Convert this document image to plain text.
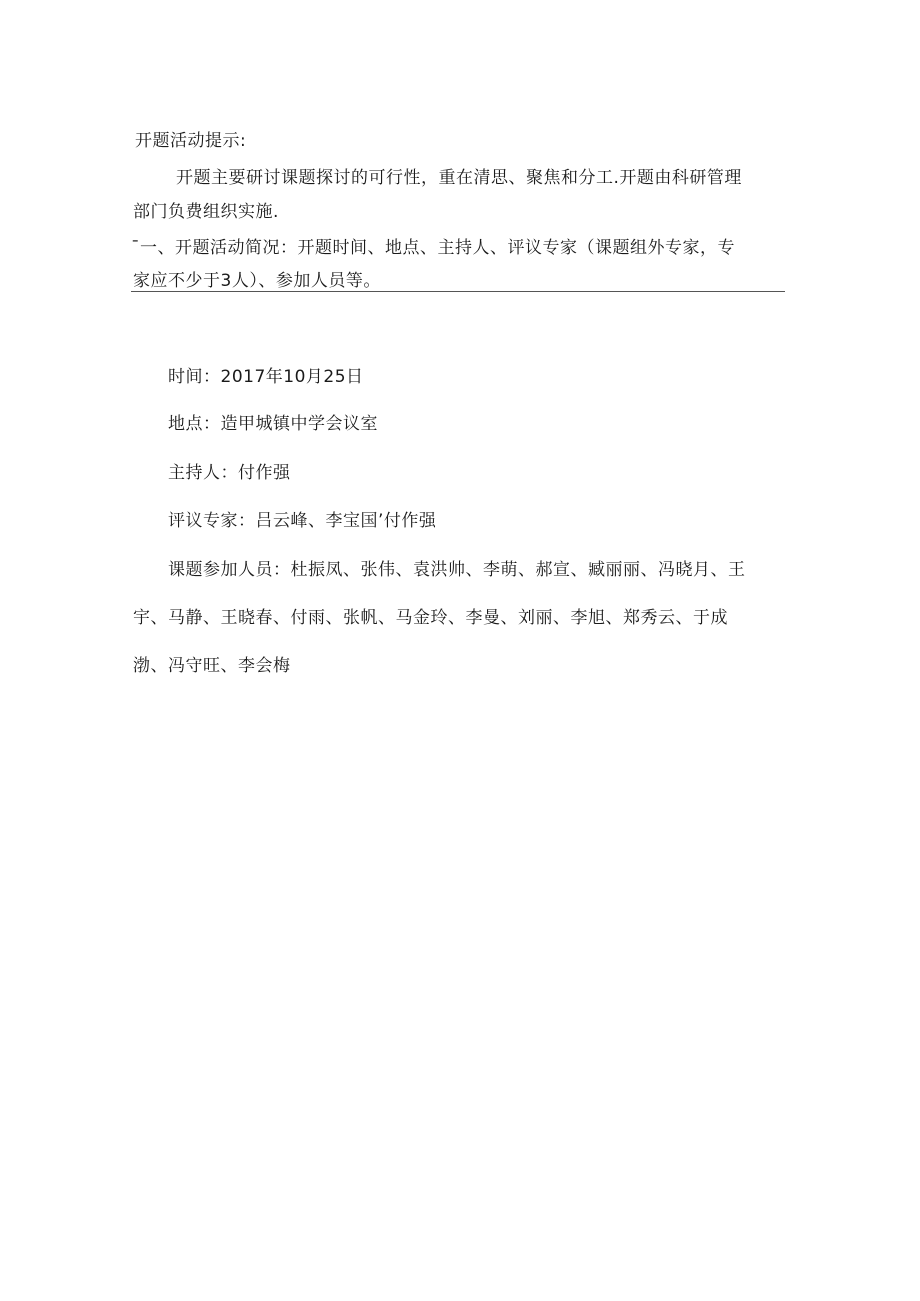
开题活动提示:
开题主要研讨课题探讨的可行性，重在清思、聚焦和分工.开题由科研管理
部门负费组织实施.
¯一、开题活动简况：开题时间、地点、主持人、评议专家（课题组外专家，专
家应不少于3人）、参加人员等。
时间：2017年10月25日
地点：造甲城镇中学会议室
主持人：付作强
评议专家：吕云峰、李宝国’付作强
课题参加人员：杜振凤、张伟、袁洪帅、李萌、郝宣、臧丽丽、冯晓月、王
宇、马静、王晓春、付雨、张帆、马金玲、李曼、刘丽、李旭、郑秀云、于成
渤、冯守旺、李会梅
